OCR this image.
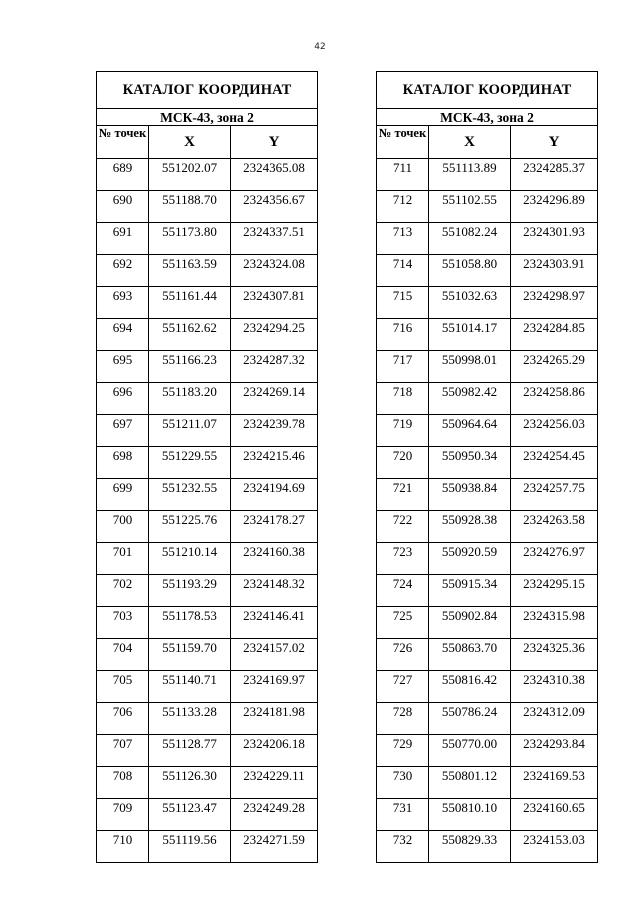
42
КАТАЛОГ КООРДИНАТ		
МСК-43, зона 2		
№ точек	X	Y
689	551202.07	2324365.08
690	551188.70	2324356.67
691	551173.80	2324337.51
692	551163.59	2324324.08
693	551161.44	2324307.81
694	551162.62	2324294.25
695	551166.23	2324287.32
696	551183.20	2324269.14
697	551211.07	2324239.78
698	551229.55	2324215.46
699	551232.55	2324194.69
700	551225.76	2324178.27
701	551210.14	2324160.38
702	551193.29	2324148.32
703	551178.53	2324146.41
704	551159.70	2324157.02
705	551140.71	2324169.97
706	551133.28	2324181.98
707	551128.77	2324206.18
708	551126.30	2324229.11
709	551123.47	2324249.28
710	551119.56	2324271.59
КАТАЛОГ КООРДИНАТ		
МСК-43, зона 2		
№ точек	X	Y
711	551113.89	2324285.37
712	551102.55	2324296.89
713	551082.24	2324301.93
714	551058.80	2324303.91
715	551032.63	2324298.97
716	551014.17	2324284.85
717	550998.01	2324265.29
718	550982.42	2324258.86
719	550964.64	2324256.03
720	550950.34	2324254.45
721	550938.84	2324257.75
722	550928.38	2324263.58
723	550920.59	2324276.97
724	550915.34	2324295.15
725	550902.84	2324315.98
726	550863.70	2324325.36
727	550816.42	2324310.38
728	550786.24	2324312.09
729	550770.00	2324293.84
730	550801.12	2324169.53
731	550810.10	2324160.65
732	550829.33	2324153.03
